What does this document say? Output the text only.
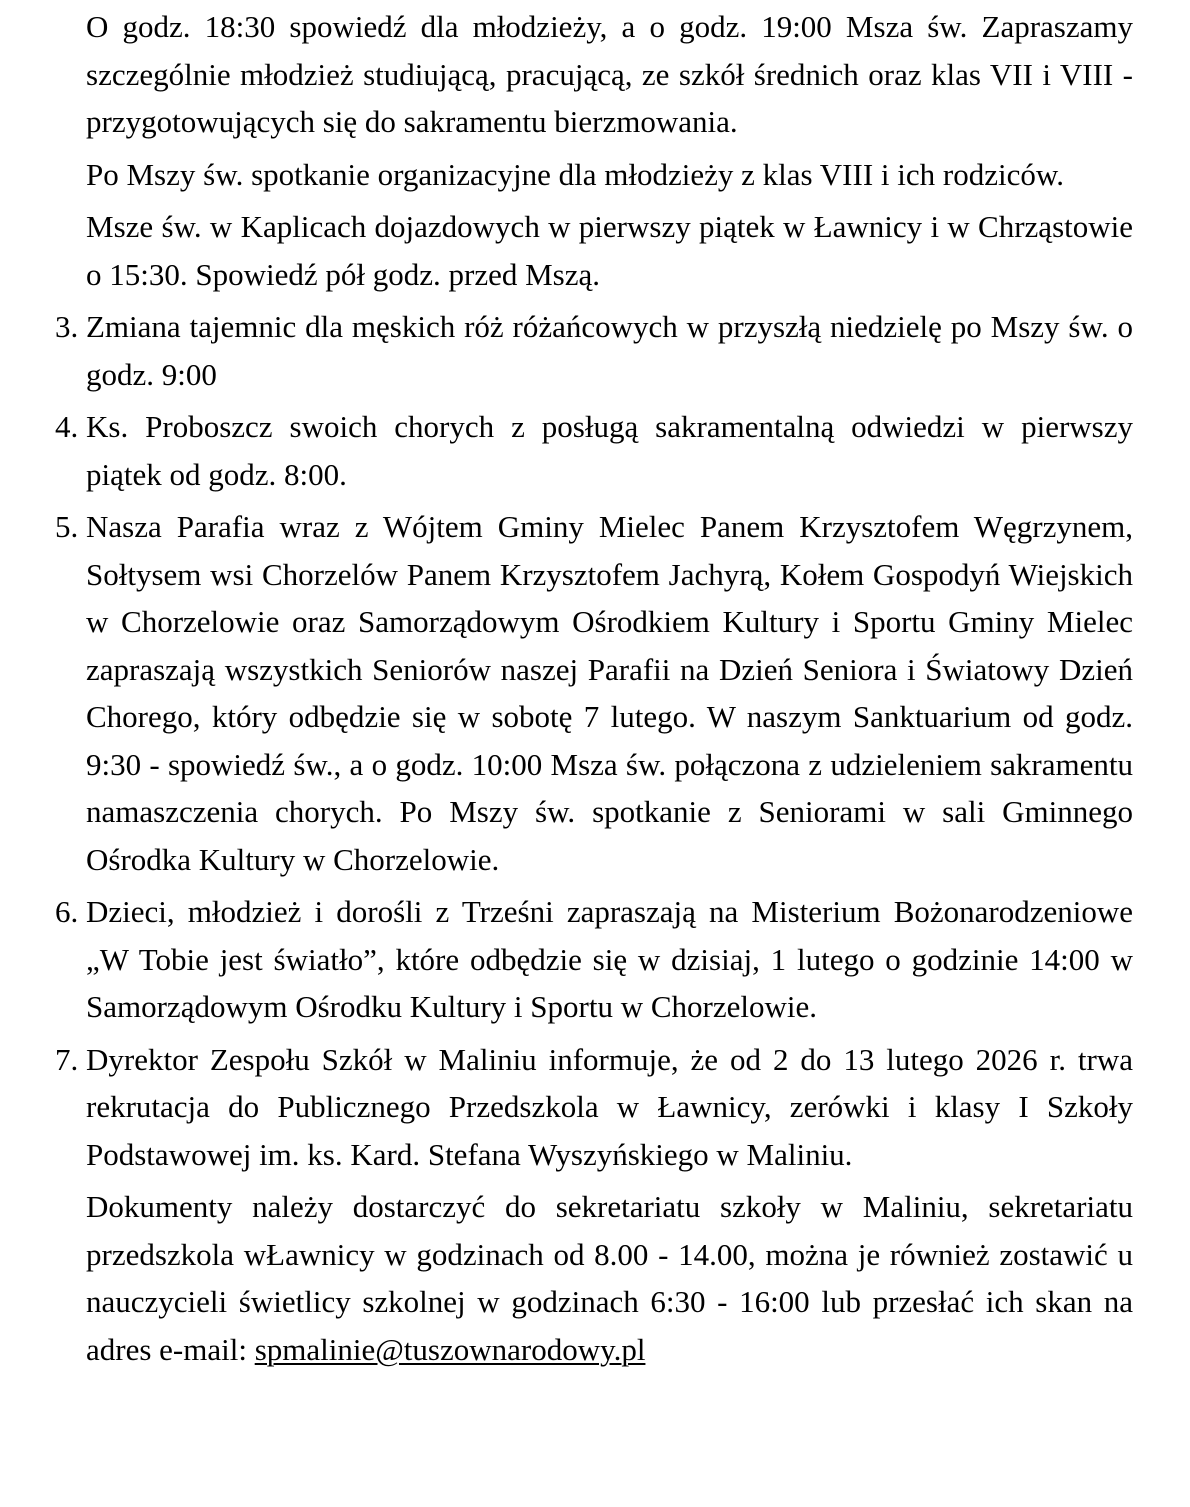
O godz. 18:30 spowiedź dla młodzieży, a o godz. 19:00 Msza św. Zapraszamy szczególnie młodzież studiującą, pracującą, ze szkół średnich oraz klas VII i VIII - przygotowujących się do sakramentu bierzmowania.

Po Mszy św. spotkanie organizacyjne dla młodzieży z klas VIII i ich rodziców.

Msze św. w Kaplicach dojazdowych w pierwszy piątek w Ławnicy i w Chrząstowie o 15:30. Spowiedź pół godz. przed Mszą.

3. Zmiana tajemnic dla męskich róż różańcowych w przyszłą niedzielę po Mszy św. o godz. 9:00

4. Ks. Proboszcz swoich chorych z posługą sakramentalną odwiedzi w pierwszy piątek od godz. 8:00.

5. Nasza Parafia wraz z Wójtem Gminy Mielec Panem Krzysztofem Węgrzynem, Sołtysem wsi Chorzelów Panem Krzysztofem Jachyrą, Kołem Gospodyń Wiejskich w Chorzelowie oraz Samorządowym Ośrodkiem Kultury i Sportu Gminy Mielec zapraszają wszystkich Seniorów naszej Parafii na Dzień Seniora i Światowy Dzień Chorego, który odbędzie się w sobotę 7 lutego. W naszym Sanktuarium od godz. 9:30 - spowiedź św., a o godz. 10:00 Msza św. połączona z udzieleniem sakramentu namaszczenia chorych. Po Mszy św. spotkanie z Seniorami w sali Gminnego Ośrodka Kultury w Chorzelowie.

6. Dzieci, młodzież i dorośli z Trześni zapraszają na Misterium Bożonarodzeniowe „W Tobie jest światło”, które odbędzie się w dzisiaj, 1 lutego o godzinie 14:00 w Samorządowym Ośrodku Kultury i Sportu w Chorzelowie.

7. Dyrektor Zespołu Szkół w Maliniu informuje, że od 2 do 13 lutego 2026 r. trwa rekrutacja do Publicznego Przedszkola w Ławnicy, zerówki i klasy I Szkoły Podstawowej im. ks. Kard. Stefana Wyszyńskiego w Maliniu.

Dokumenty należy dostarczyć do sekretariatu szkoły w Maliniu, sekretariatu przedszkola wŁawnicy w godzinach od 8.00 - 14.00, można je również zostawić u nauczycieli świetlicy szkolnej w godzinach 6:30 - 16:00 lub przesłać ich skan na adres e-mail: spmalinie@tuszownarodowy.pl
